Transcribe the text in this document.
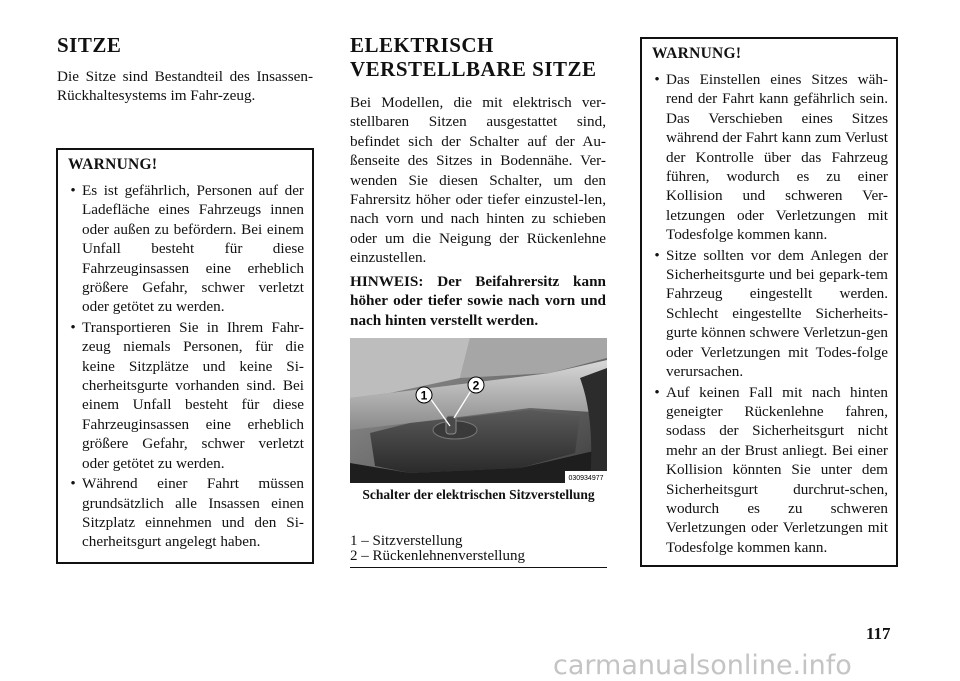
SITZE

Die Sitze sind Bestandteil des Insassen-Rückhaltesystems im Fahr-zeug.

WARNUNG!

• Es ist gefährlich, Personen auf der Ladefläche eines Fahrzeugs innen oder außen zu befördern. Bei einem Unfall besteht für diese Fahrzeuginsassen eine erheblich größere Gefahr, schwer verletzt oder getötet zu werden.
• Transportieren Sie in Ihrem Fahr-zeug niemals Personen, für die keine Sitzplätze und keine Si-cherheitsgurte vorhanden sind. Bei einem Unfall besteht für diese Fahrzeuginsassen eine erheblich größere Gefahr, schwer verletzt oder getötet zu werden.
• Während einer Fahrt müssen grundsätzlich alle Insassen einen Sitzplatz einnehmen und den Si-cherheitsgurt angelegt haben.
ELEKTRISCH VERSTELLBARE SITZE

Bei Modellen, die mit elektrisch ver-stellbaren Sitzen ausgestattet sind, befindet sich der Schalter auf der Au-ßenseite des Sitzes in Bodennähe. Ver-wenden Sie diesen Schalter, um den Fahrersitz höher oder tiefer einzustel-len, nach vorn und nach hinten zu schieben oder um die Neigung der Rückenlehne einzustellen.

HINWEIS: Der Beifahrersitz kann höher oder tiefer sowie nach vorn und nach hinten verstellt werden.

1
2
030934977
Schalter der elektrischen Sitzverstellung
1 – Sitzverstellung
2 – Rückenlehnenverstellung

WARNUNG!

• Das Einstellen eines Sitzes wäh-rend der Fahrt kann gefährlich sein. Das Verschieben eines Sitzes während der Fahrt kann zum Verlust der Kontrolle über das Fahrzeug führen, wodurch es zu einer Kollision und schweren Ver-letzungen oder Verletzungen mit Todesfolge kommen kann.
• Sitze sollten vor dem Anlegen der Sicherheitsgurte und bei gepark-tem Fahrzeug eingestellt werden. Schlecht eingestellte Sicherheits-gurte können schwere Verletzun-gen oder Verletzungen mit Todes-folge verursachen.
• Auf keinen Fall mit nach hinten geneigter Rückenlehne fahren, sodass der Sicherheitsgurt nicht mehr an der Brust anliegt. Bei einer Kollision könnten Sie unter dem Sicherheitsgurt durchrut-schen, wodurch es zu schweren Verletzungen oder Verletzungen mit Todesfolge kommen kann.
117
carmanualsonline.info
